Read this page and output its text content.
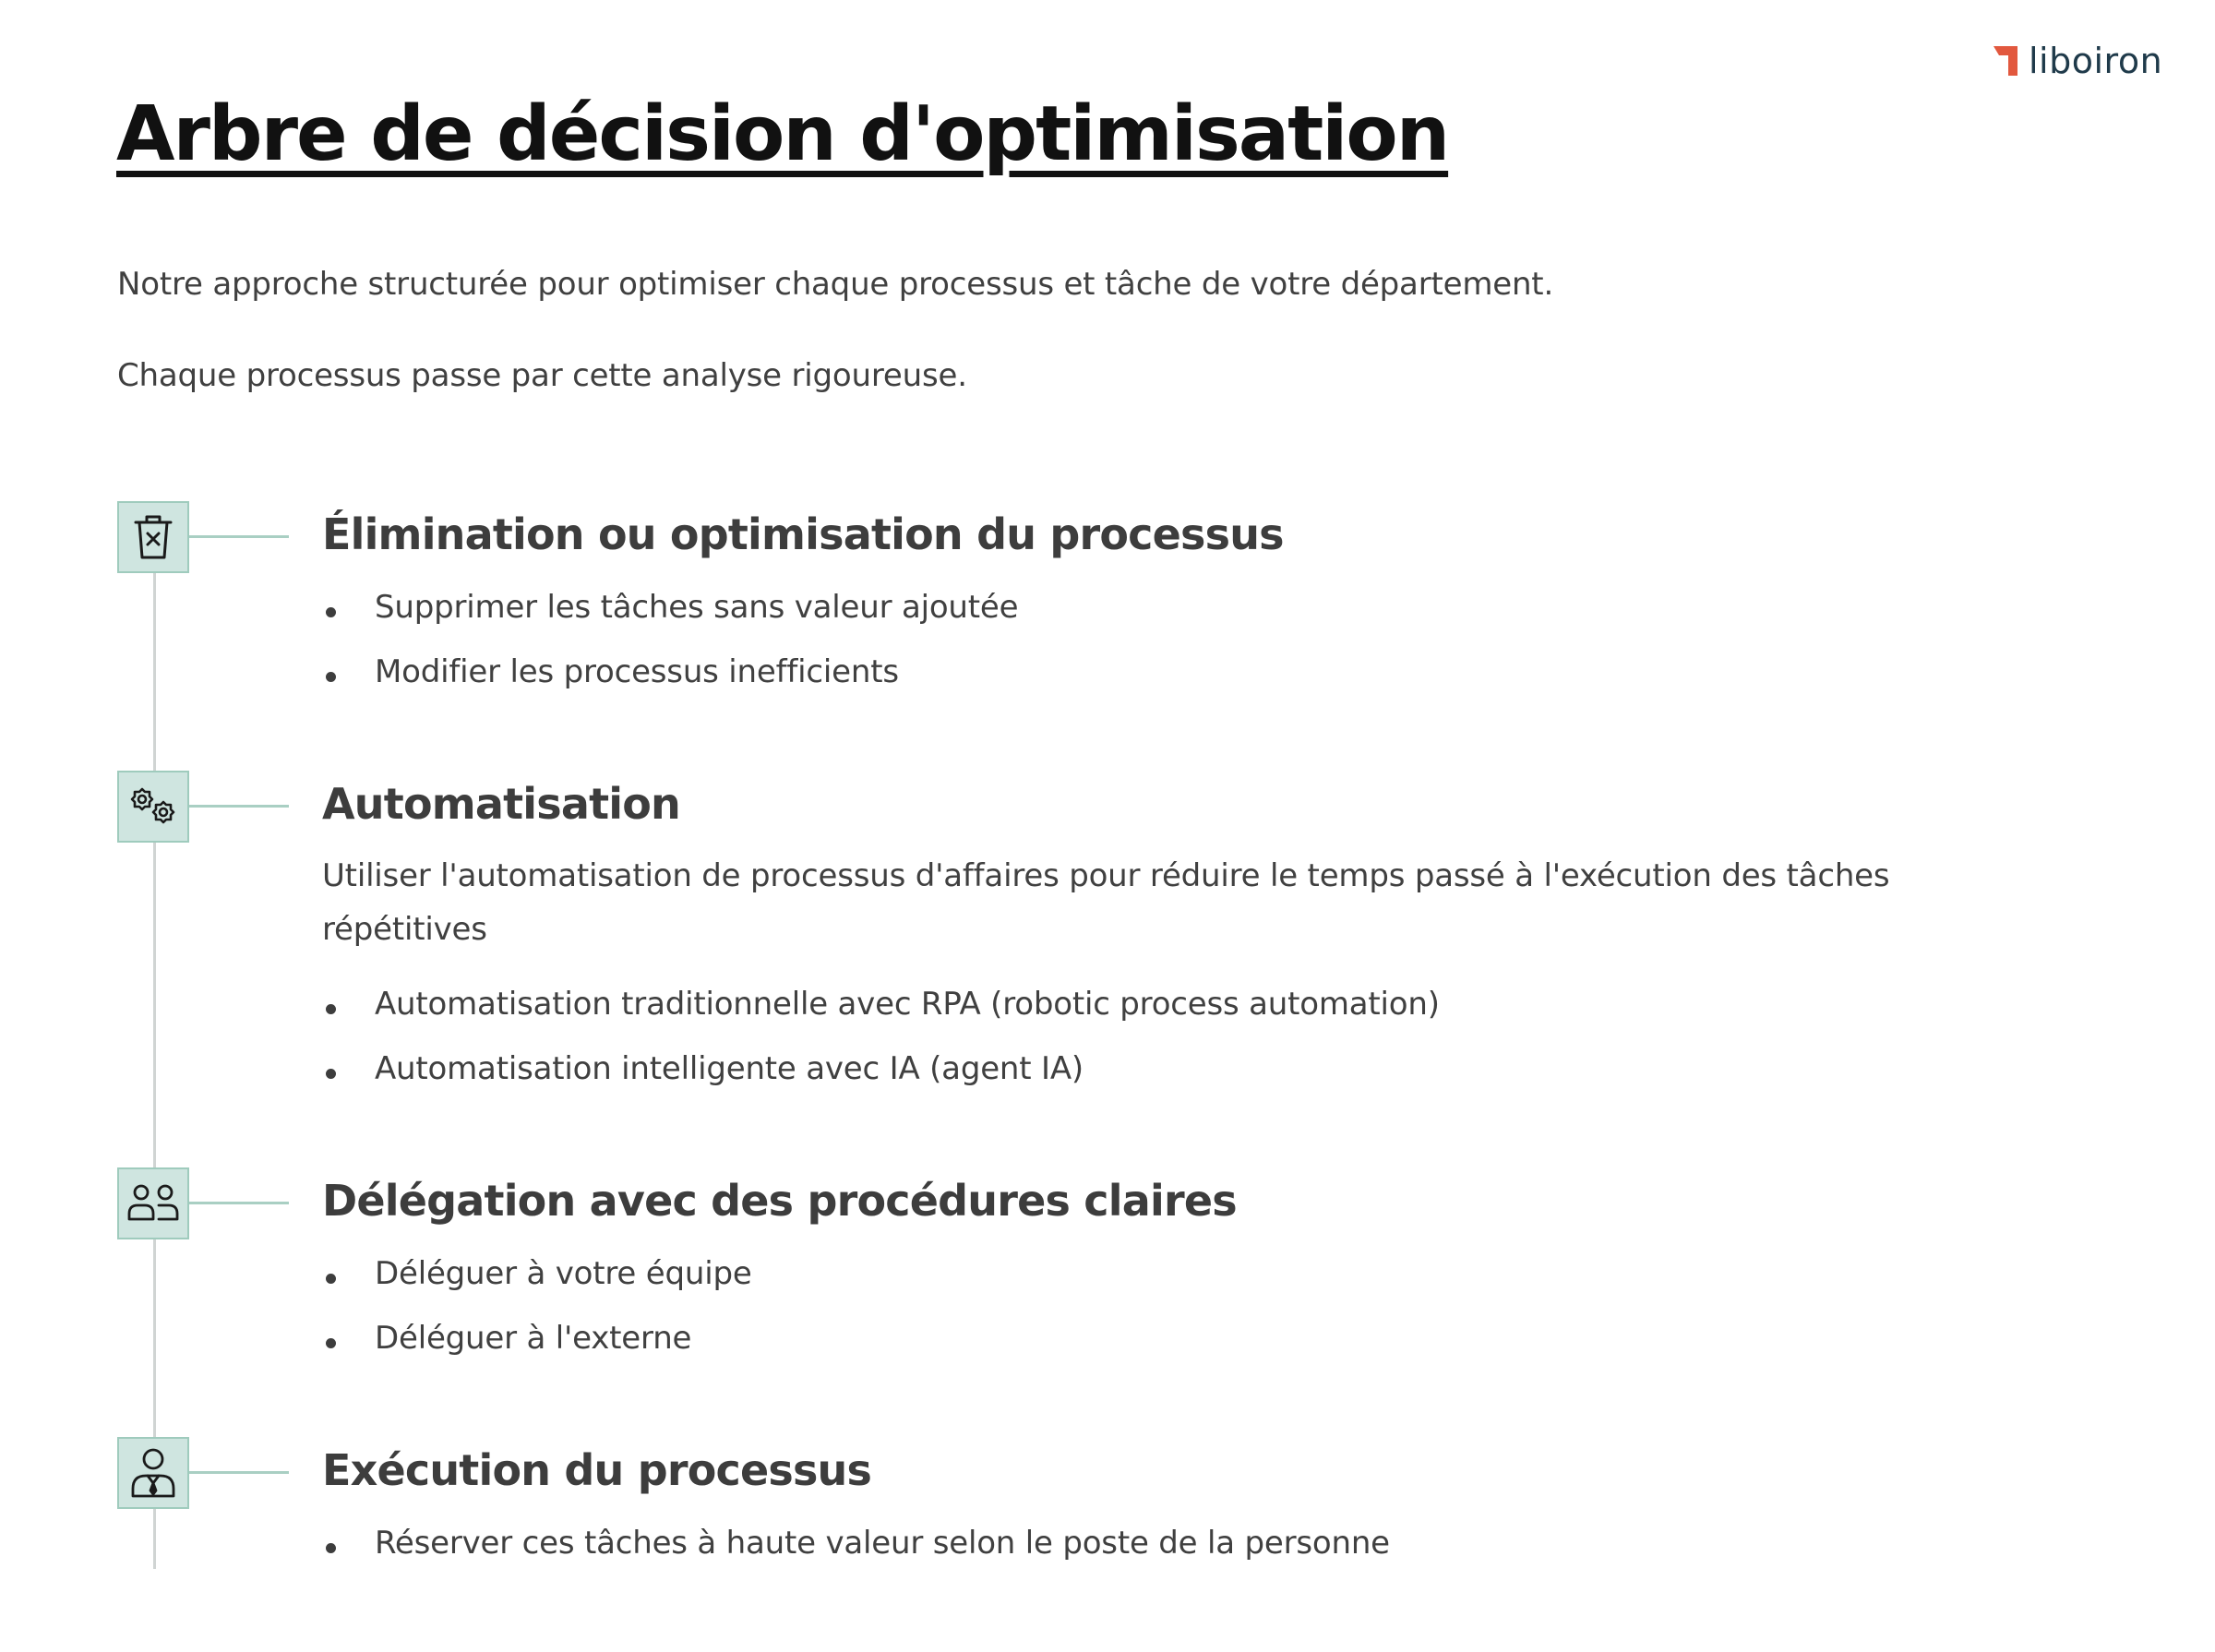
liboiron
Arbre de décision d'optimisation

Notre approche structurée pour optimiser chaque processus et tâche de votre département.

Chaque processus passe par cette analyse rigoureuse.

Élimination ou optimisation du processus

Supprimer les tâches sans valeur ajoutée

Modifier les processus inefficients

Automatisation

Utiliser l'automatisation de processus d'affaires pour réduire le temps passé à l'exécution des tâches répétitives

Automatisation traditionnelle avec RPA (robotic process automation)

Automatisation intelligente avec IA (agent IA)

Délégation avec des procédures claires

Déléguer à votre équipe

Déléguer à l'externe

Exécution du processus

Réserver ces tâches à haute valeur selon le poste de la personne
